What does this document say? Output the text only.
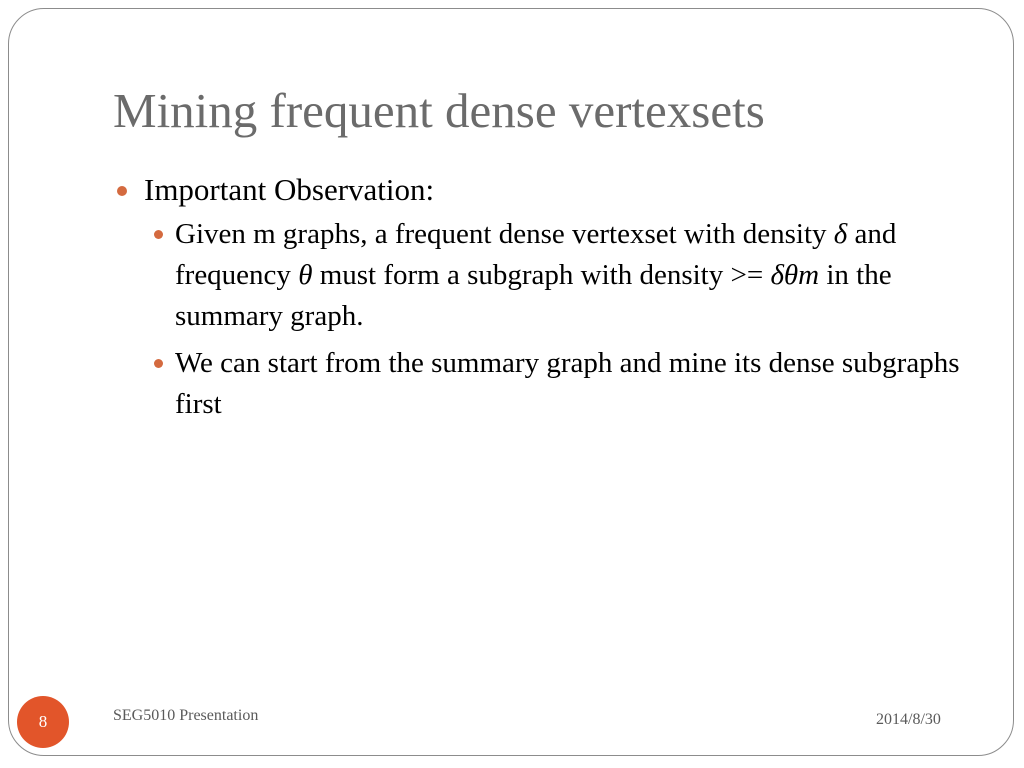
Mining frequent dense vertexsets
Important Observation:
Given m graphs, a frequent dense vertexset with density δ and frequency θ must form a subgraph with density >= δθm in the summary graph.
We can start from the summary graph and mine its dense subgraphs first
8	SEG5010 Presentation	2014/8/30
